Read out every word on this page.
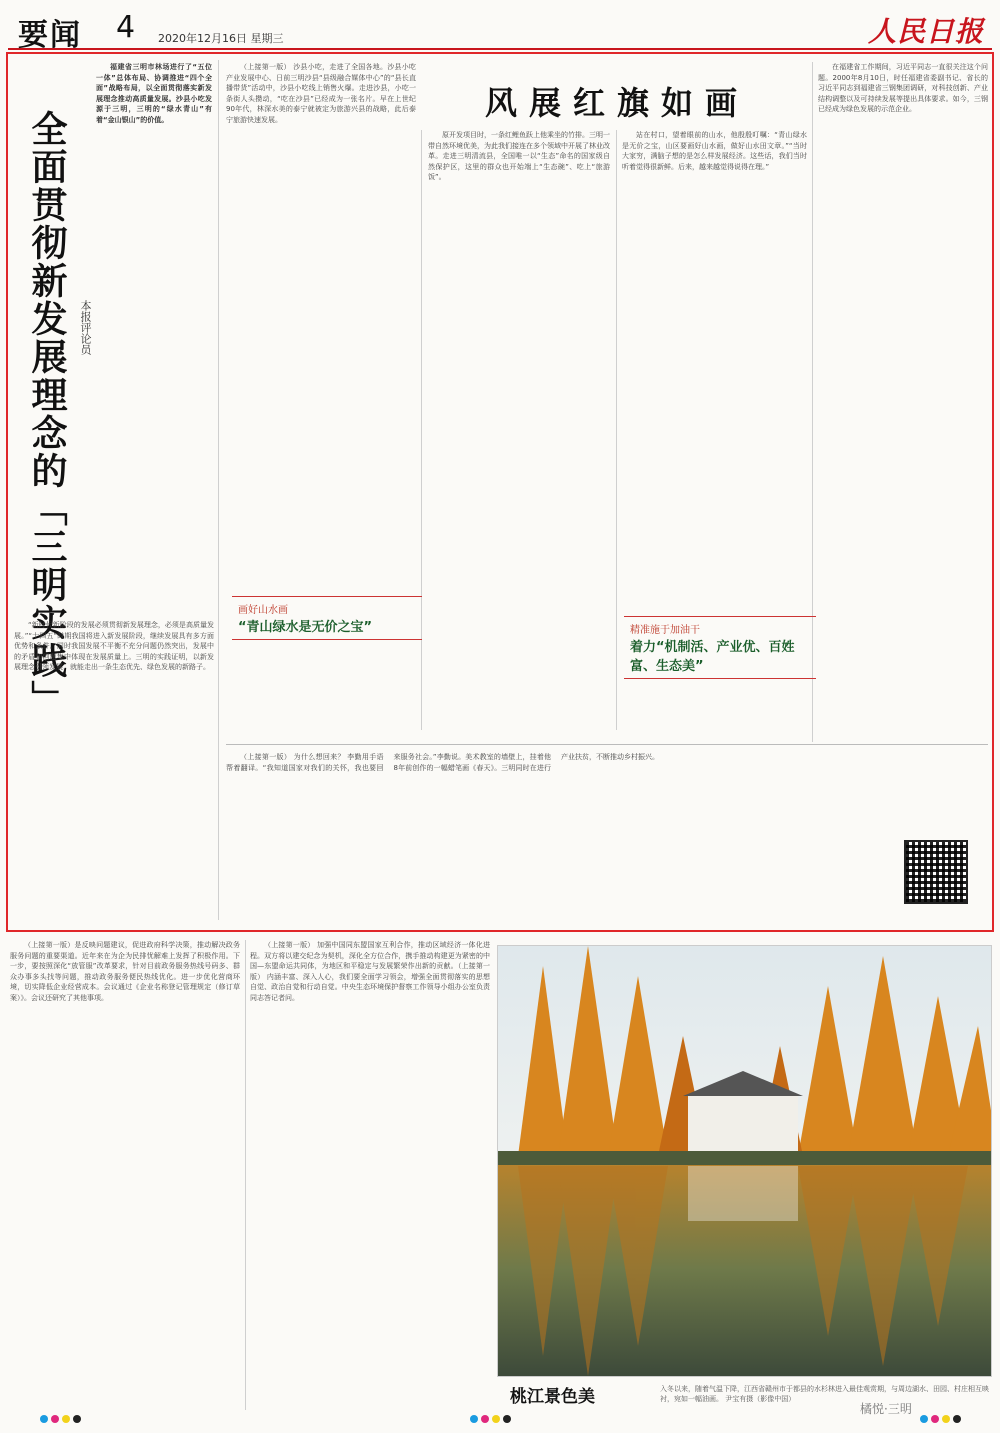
要闻 4 2020年12月16日 星期三	人民日报
全面贯彻新发展理念的「三明实践」 本报评论员

福建省三明市林场进行了“五位一体”总体布局、协调推进“四个全面”战略布局，以全面贯彻落实新发展理念推动高质量发展。沙县小吃发源于三明，三明的“绿水青山”有着“金山银山”的价值。

“新时代新阶段的发展必须贯彻新发展理念，必须是高质量发展。”“十四五”时期我国将进入新发展阶段，继续发展具有多方面优势和条件。同时我国发展不平衡不充分问题仍然突出，发展中的矛盾和问题集中体现在发展质量上。三明的实践证明，以新发展理念引领发展，就能走出一条生态优先、绿色发展的新路子。

风展红旗如画

（上接第一版） 沙县小吃，走进了全国各地。沙县小吃产业发展中心、日前三明沙县“县级融合媒体中心”的“县长直播带货”活动中，沙县小吃线上销售火爆。走进沙县，小吃一条街人头攒动，“吃在沙县”已经成为一张名片。早在上世纪90年代，林深水美的泰宁就被定为旅游兴县的战略，此后泰宁旅游快速发展。

原开发项目时，一条红鲤鱼跃上他乘坐的竹排。三明一带自然环境优美，为此我们接连在多个领域中开展了林业改革。走进三明清流县，全国唯一以“生态”命名的国家级自然保护区，这里的群众也开始端上“生态碗”、吃上“旅游饭”。

站在村口，望着眼前的山水，他殷殷叮嘱：“青山绿水是无价之宝，山区要画好山水画，做好山水田文章。”“当时大家穷，满脑子想的是怎么样发展经济。这些话，我们当时听着觉得很新鲜。后来，越来越觉得说得在理。”

在福建省工作期间，习近平同志一直很关注这个问题。2000年8月10日，时任福建省委副书记、省长的习近平同志到福建省三钢集团调研，对科技创新、产业结构调整以及可持续发展等提出具体要求。如今，三钢已经成为绿色发展的示范企业。

画好山水画
“青山绿水是无价之宝”	精准施于加油干
着力“机制活、产业优、百姓富、生态美”

（上接第一版） 为什么想回来？ 李勤用手语帮着翻译。“我知道国家对我们的关怀，我也要回来服务社会。”李勤说。美术教室的墙壁上，挂着他8年前创作的一幅蜡笔画《春天》。三明同时在进行产业扶贫，不断推动乡村振兴。

（上接第一版）是反映问题建议，促进政府科学决策，推动解决政务服务问题的重要渠道。近年来在为企为民排忧解难上发挥了积极作用。下一步，要按照深化“放管服”改革要求，针对目前政务服务热线号码多、群众办事多头找等问题，推动政务服务便民热线优化。进一步优化营商环境，切实降低企业经营成本。会议通过《企业名称登记管理规定（修订草案）》。会议还研究了其他事项。

（上接第一版） 加强中国同东盟国家互利合作，推动区域经济一体化进程。双方将以建交纪念为契机，深化全方位合作，携手推动构建更为紧密的中国—东盟命运共同体，为地区和平稳定与发展繁荣作出新的贡献。（上接第一版） 内涵丰富、深入人心，我们要全面学习领会，增强全面贯彻落实的思想自觉、政治自觉和行动自觉。中央生态环境保护督察工作领导小组办公室负责同志答记者问。

桃江景色美	入冬以来，随着气温下降，江西省赣州市于都县的水杉林进入最佳观赏期，与周边湖水、田园、村庄相互映衬，宛如一幅油画。 尹宝有摄（影像中国）
橘悦·三明
